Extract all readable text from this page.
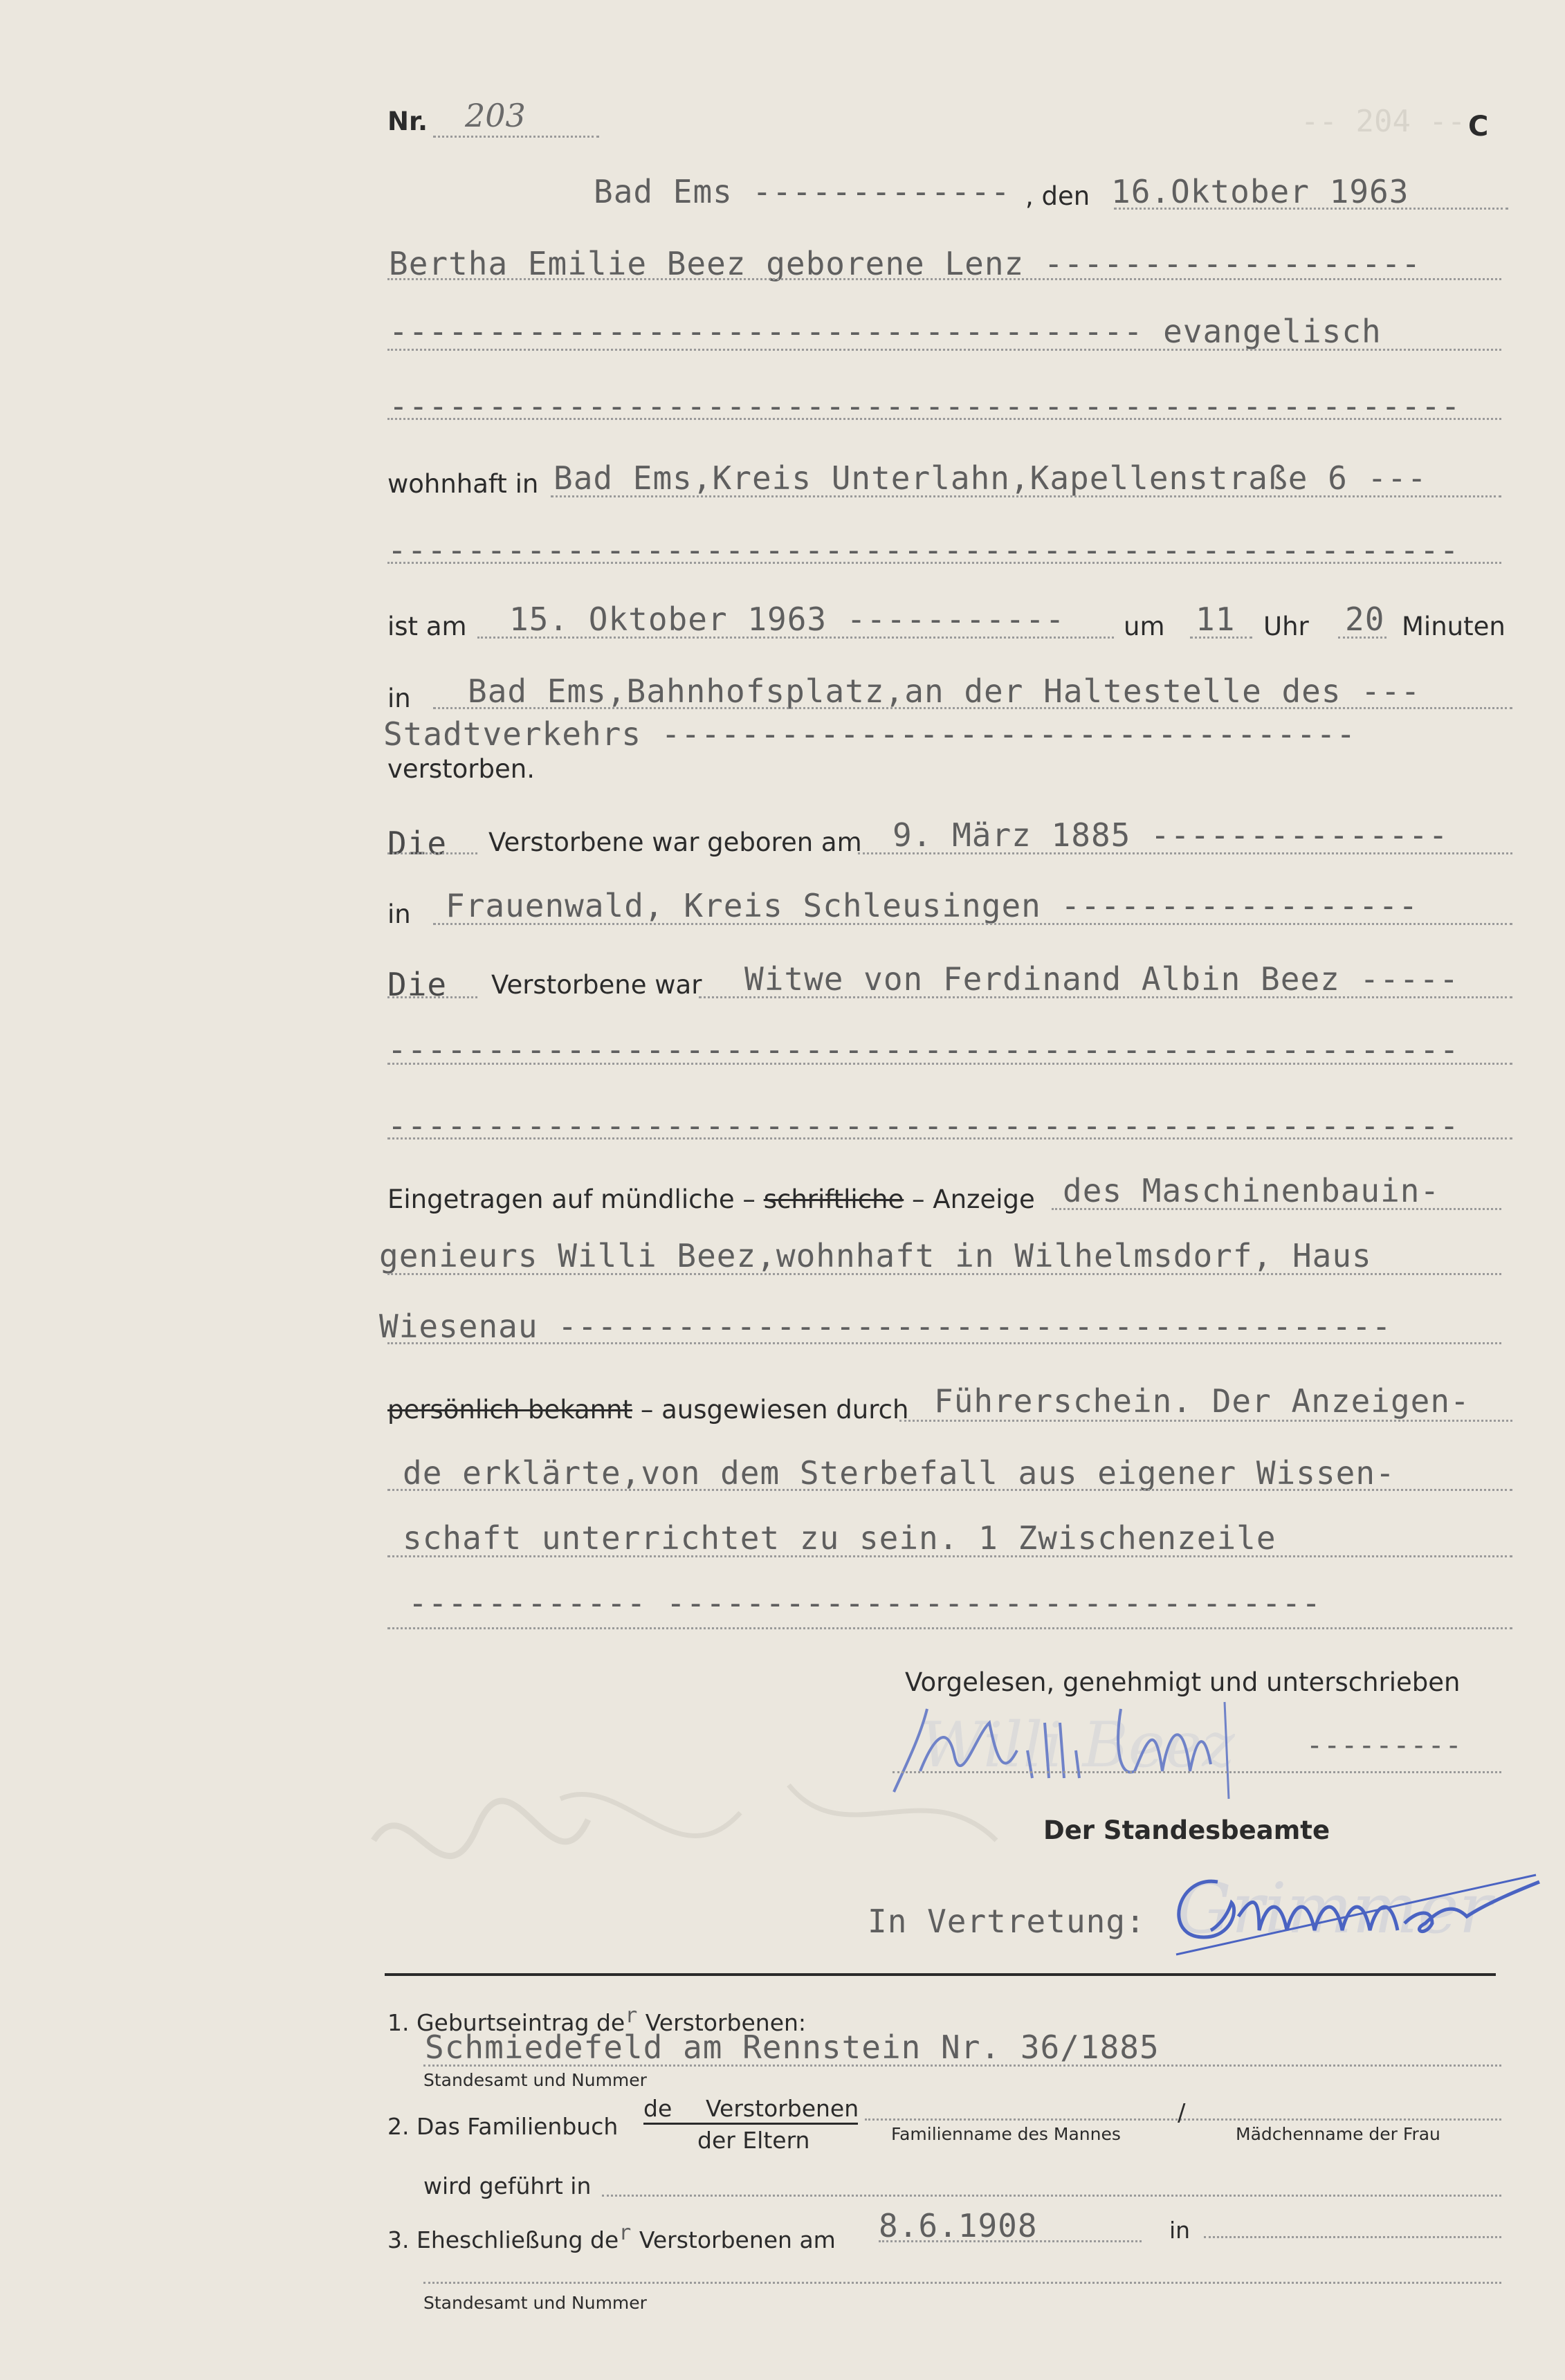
-- 204 --
Nr. 203	C
Bad Ems ------------- , den 16.Oktober 1963
Bertha Emilie Beez geborene Lenz -------------------
-------------------------------------- evangelisch
------------------------------------------------------
wohnhaft in Bad Ems,Kreis Unterlahn,Kapellenstraße 6 ---
------------------------------------------------------
ist am 15. Oktober 1963 ----------- um 11 Uhr 20 Minuten
in Bad Ems,Bahnhofsplatz,an der Haltestelle des ---
Stadtverkehrs -----------------------------------
verstorben.
Die Verstorbene war geboren am 9. März 1885 ---------------
in Frauenwald, Kreis Schleusingen ------------------
Die Verstorbene war Witwe von Ferdinand Albin Beez -----
------------------------------------------------------
------------------------------------------------------
Eingetragen auf mündliche – schriftliche – Anzeige des Maschinenbauin-
genieurs Willi Beez,wohnhaft in Wilhelmsdorf, Haus
Wiesenau ------------------------------------------
persönlich bekannt – ausgewiesen durch Führerschein. Der Anzeigen-
de erklärte,von dem Sterbefall aus eigener Wissen-
schaft unterrichtet zu sein. 1 Zwischenzeile
------------ ---------------------------------
Vorgelesen, genehmigt und unterschrieben
Willi Beez	---------
Der Standesbeamte
In Vertretung: Grimmer
1. Geburtseintrag $de^r$ Verstorbenen:
Schmiedefeld am Rennstein Nr. 36/1885
Standesamt und Nummer
2. Das Familienbuch
de Verstorbenen
der Eltern	Familienname des Mannes
/
Mädchenname der Frau
wird geführt in
3. Eheschließung $de^r$ Verstorbenen am 8.6.1908	in
Standesamt und Nummer
